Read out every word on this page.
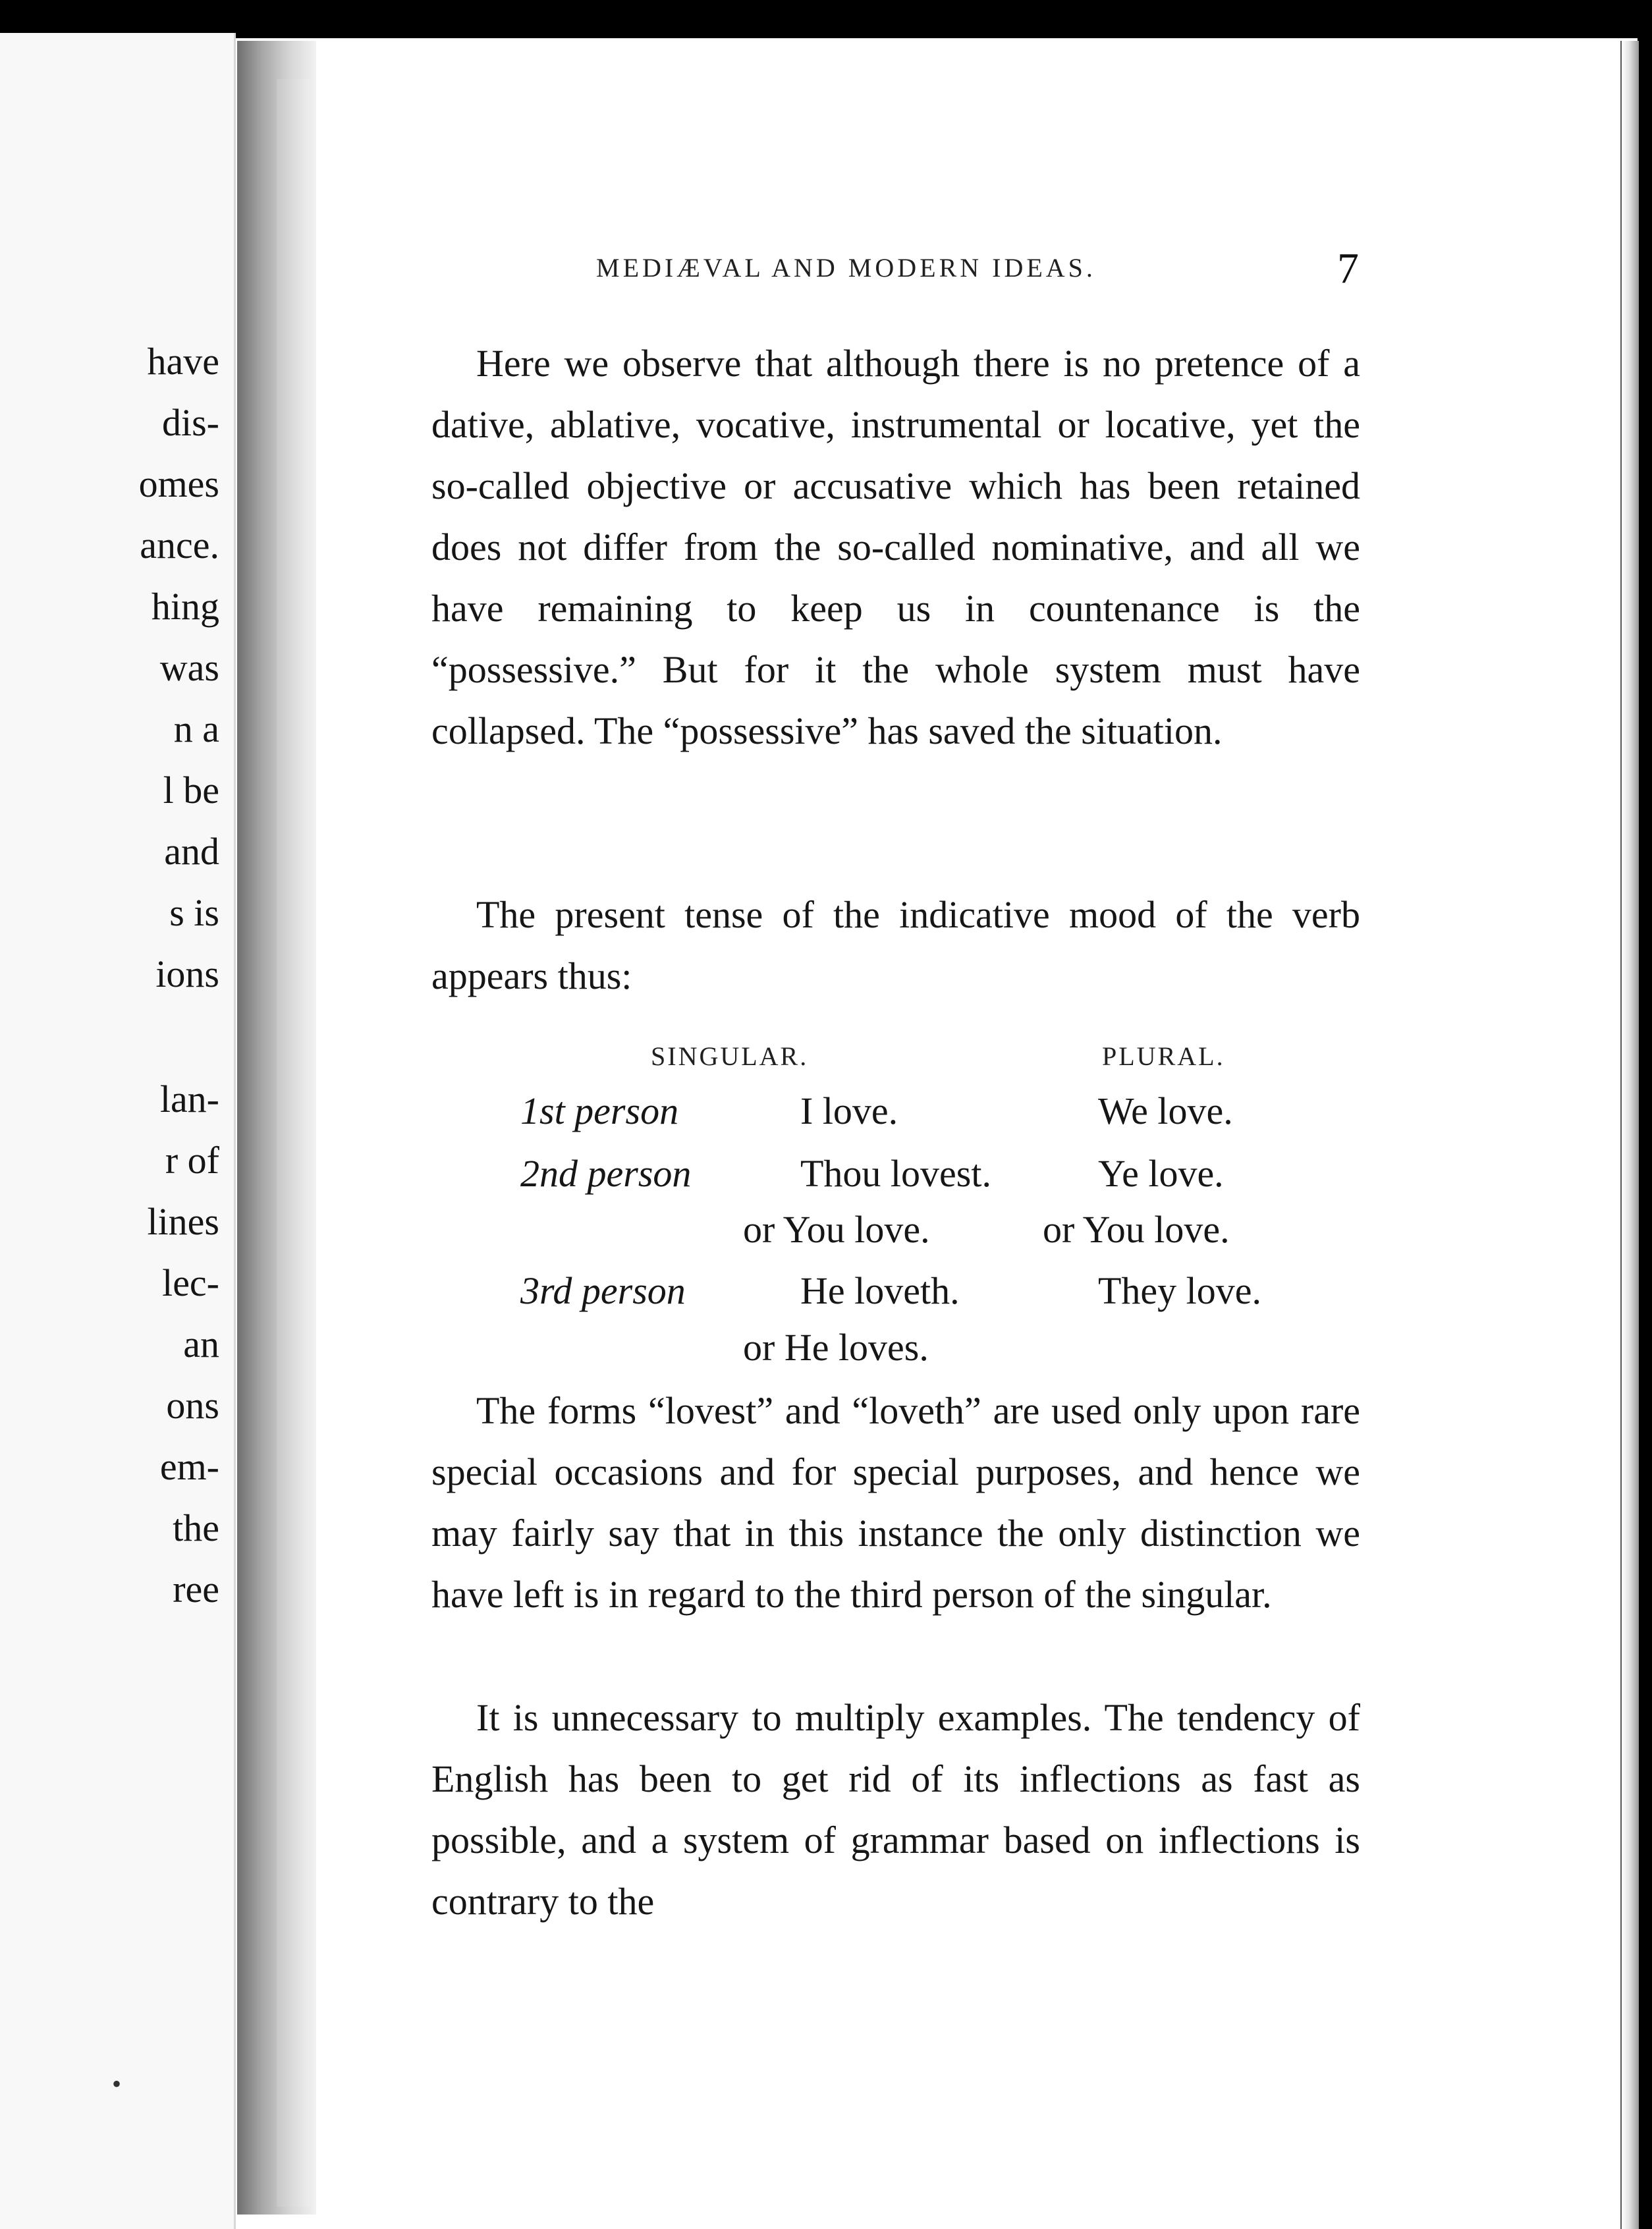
have
dis-
omes
ance.
hing
was
n a
l be
and
s is
ions
lan-
r of
lines
lec-
an
ons
em-
the
ree
•
MEDIÆVAL AND MODERN IDEAS.	7

Here we observe that although there is no pretence of a dative, ablative, vocative, instrumental or locative, yet the so-called objective or accusative which has been retained does not differ from the so-called nominative, and all we have remaining to keep us in countenance is the “possessive.” But for it the whole system must have collapsed. The “possessive” has saved the situation.

The present tense of the indicative mood of the verb appears thus:

SINGULAR.	PLURAL.
1st person	I love.	We love.
2nd person	Thou lovest.	Ye love.
or You love.	or You love.
3rd person	He loveth.	They love.
or He loves.

The forms “lovest” and “loveth” are used only upon rare special occasions and for special purposes, and hence we may fairly say that in this instance the only distinction we have left is in regard to the third person of the singular.

It is unnecessary to multiply examples. The tendency of English has been to get rid of its inflections as fast as possible, and a system of grammar based on inflections is contrary to the
